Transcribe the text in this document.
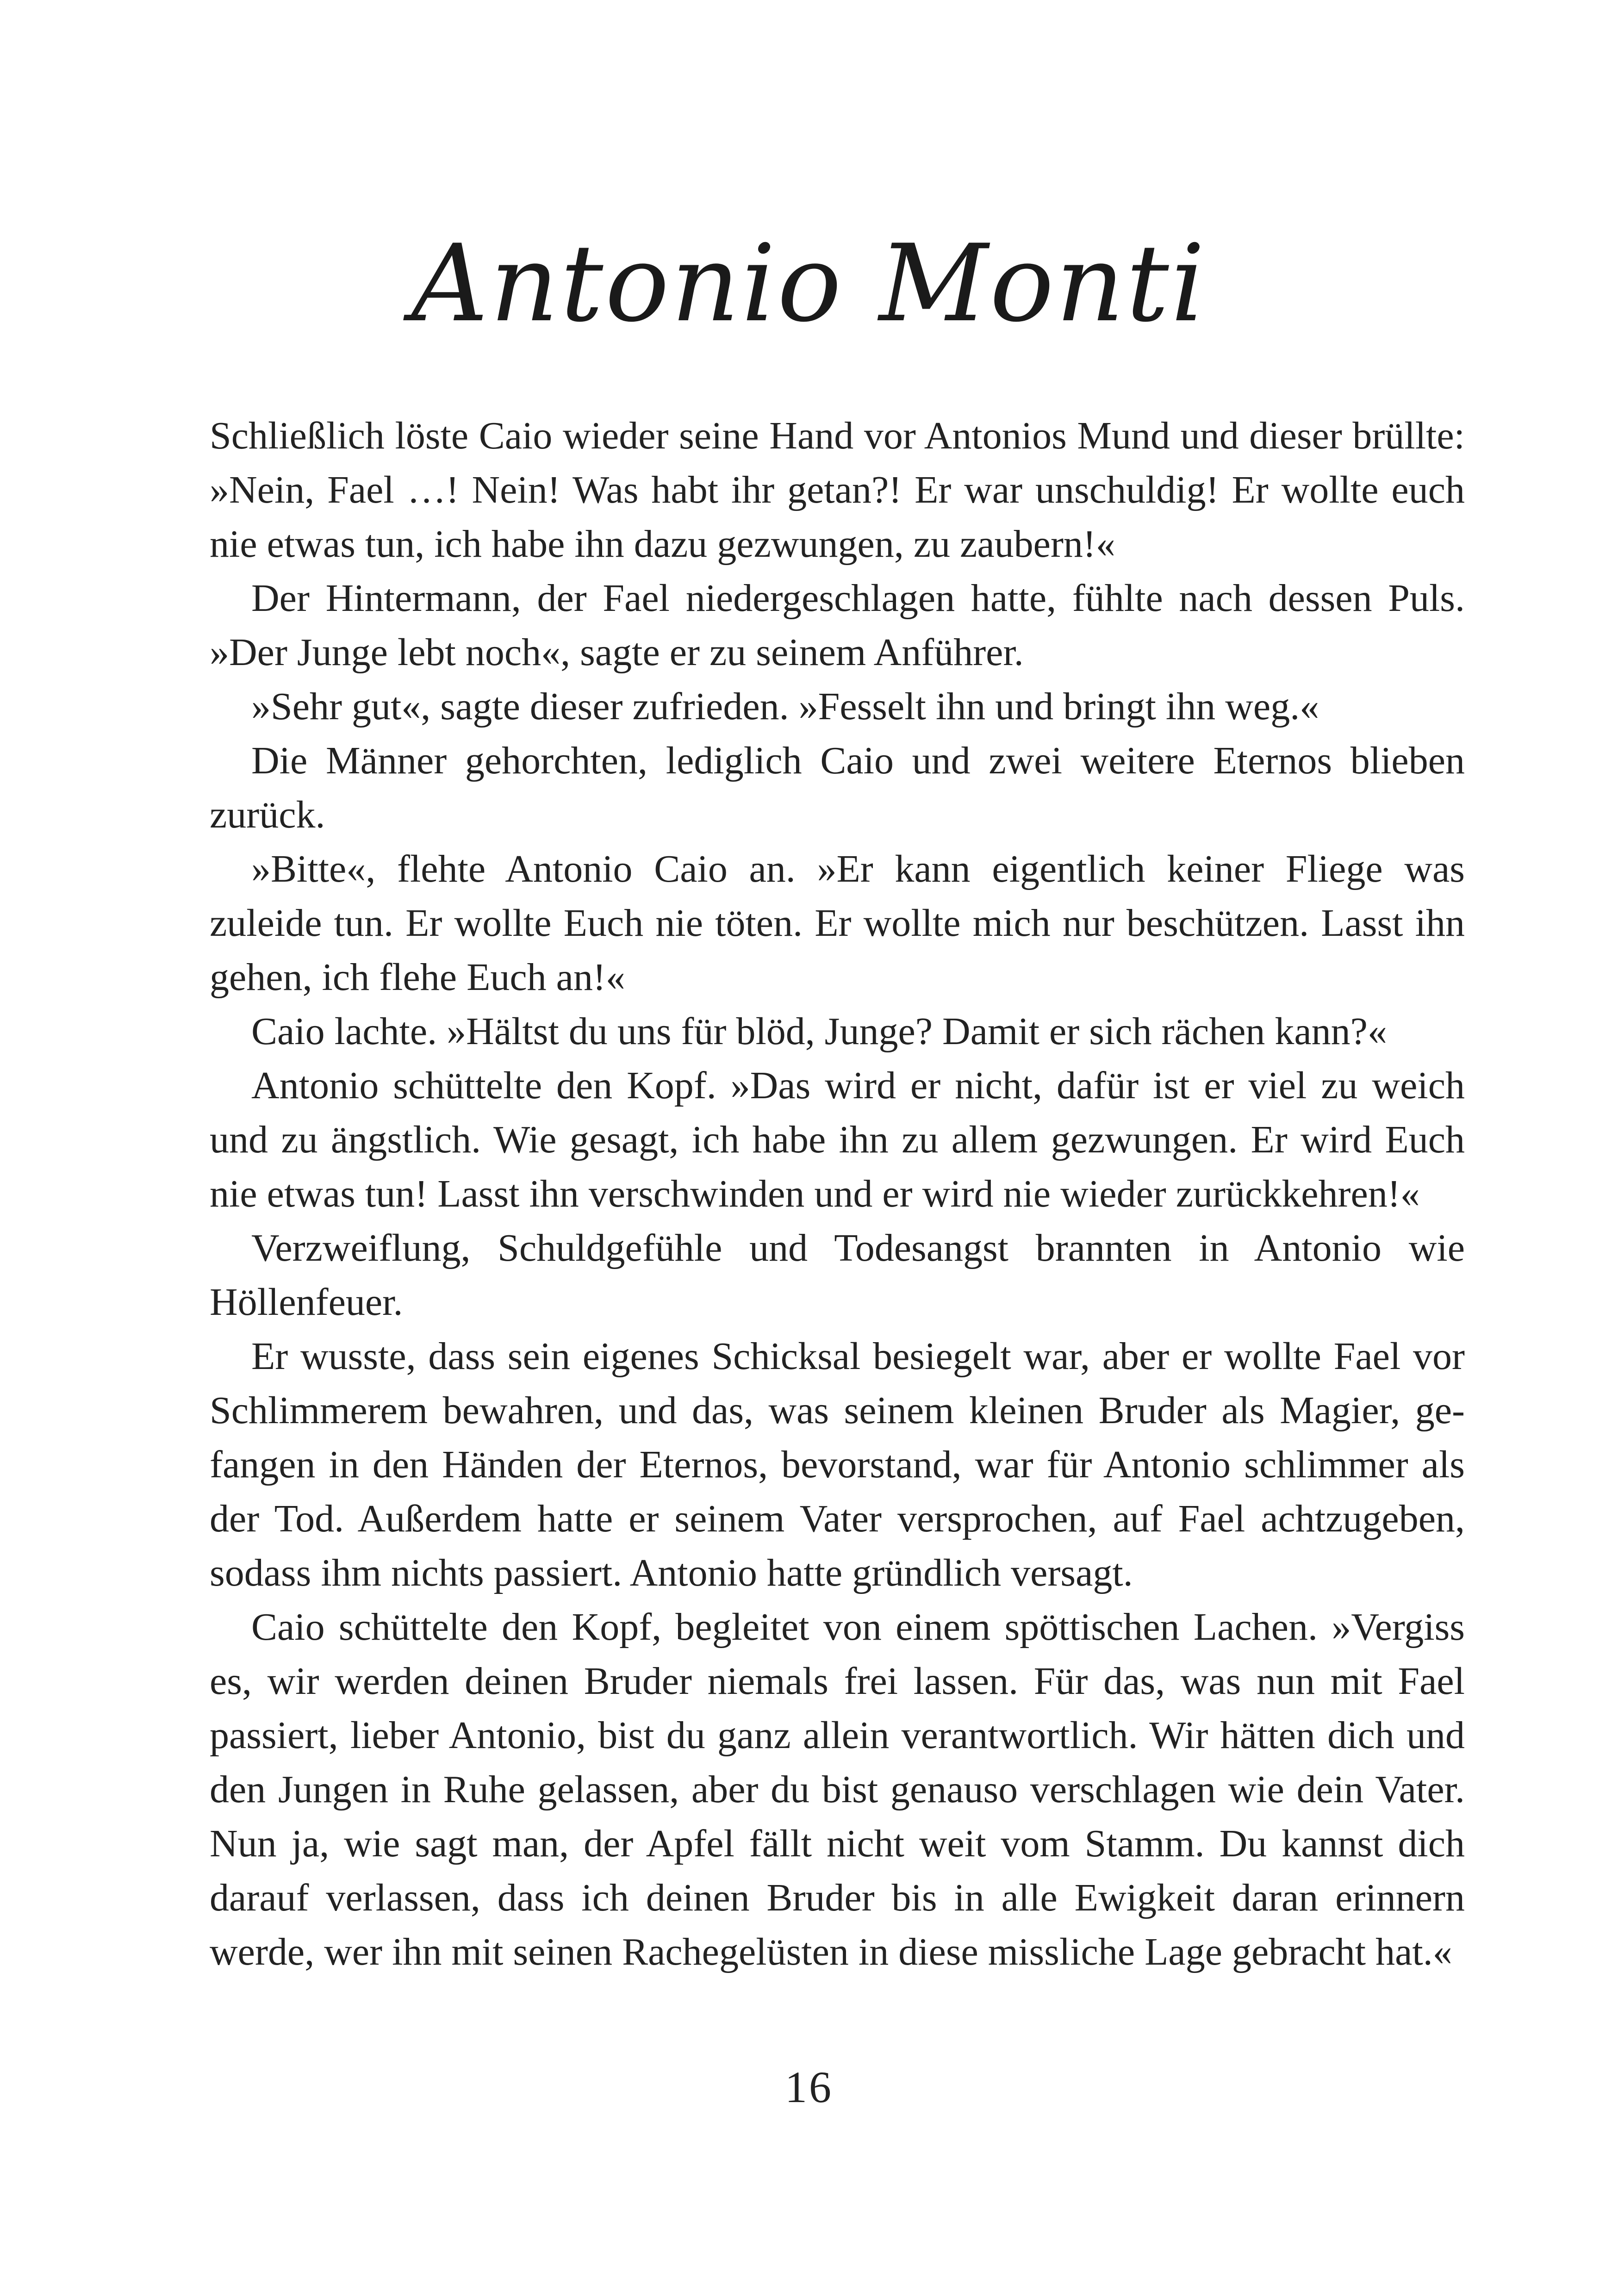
Antonio Monti

Schließlich löste Caio wieder seine Hand vor Antonios Mund und dieser brüllte: »Nein, Fael …! Nein! Was habt ihr getan?! Er war unschuldig! Er wollte euch nie etwas tun, ich habe ihn dazu gezwungen, zu zaubern!«

Der Hintermann, der Fael niedergeschlagen hatte, fühlte nach dessen Puls. »Der Junge lebt noch«, sagte er zu seinem Anführer.

»Sehr gut«, sagte dieser zufrieden. »Fesselt ihn und bringt ihn weg.«

Die Männer gehorchten, lediglich Caio und zwei weitere Eternos blieben zurück.

»Bitte«, flehte Antonio Caio an. »Er kann eigentlich keiner Fliege was zuleide tun. Er wollte Euch nie töten. Er wollte mich nur beschützen. Lasst ihn gehen, ich flehe Euch an!«

Caio lachte. »Hältst du uns für blöd, Junge? Damit er sich rächen kann?«

Antonio schüttelte den Kopf. »Das wird er nicht, dafür ist er viel zu weich und zu ängstlich. Wie gesagt, ich habe ihn zu allem gezwungen. Er wird Euch nie etwas tun! Lasst ihn verschwinden und er wird nie wieder zurückkehren!«

Verzweiflung, Schuldgefühle und Todesangst brannten in Antonio wie Höllenfeuer.

Er wusste, dass sein eigenes Schicksal besiegelt war, aber er wollte Fael vor Schlimmerem bewahren, und das, was seinem kleinen Bruder als Magier, gefangen in den Händen der Eternos, bevorstand, war für Antonio schlimmer als der Tod. Außerdem hatte er seinem Vater versprochen, auf Fael achtzugeben, sodass ihm nichts passiert. Antonio hatte gründlich versagt.

Caio schüttelte den Kopf, begleitet von einem spöttischen Lachen. »Vergiss es, wir werden deinen Bruder niemals frei lassen. Für das, was nun mit Fael passiert, lieber Antonio, bist du ganz allein verantwortlich. Wir hätten dich und den Jungen in Ruhe gelassen, aber du bist genauso verschlagen wie dein Vater. Nun ja, wie sagt man, der Apfel fällt nicht weit vom Stamm. Du kannst dich darauf verlassen, dass ich deinen Bruder bis in alle Ewigkeit daran erinnern werde, wer ihn mit seinen Rachegelüsten in diese missliche Lage gebracht hat.«

16
